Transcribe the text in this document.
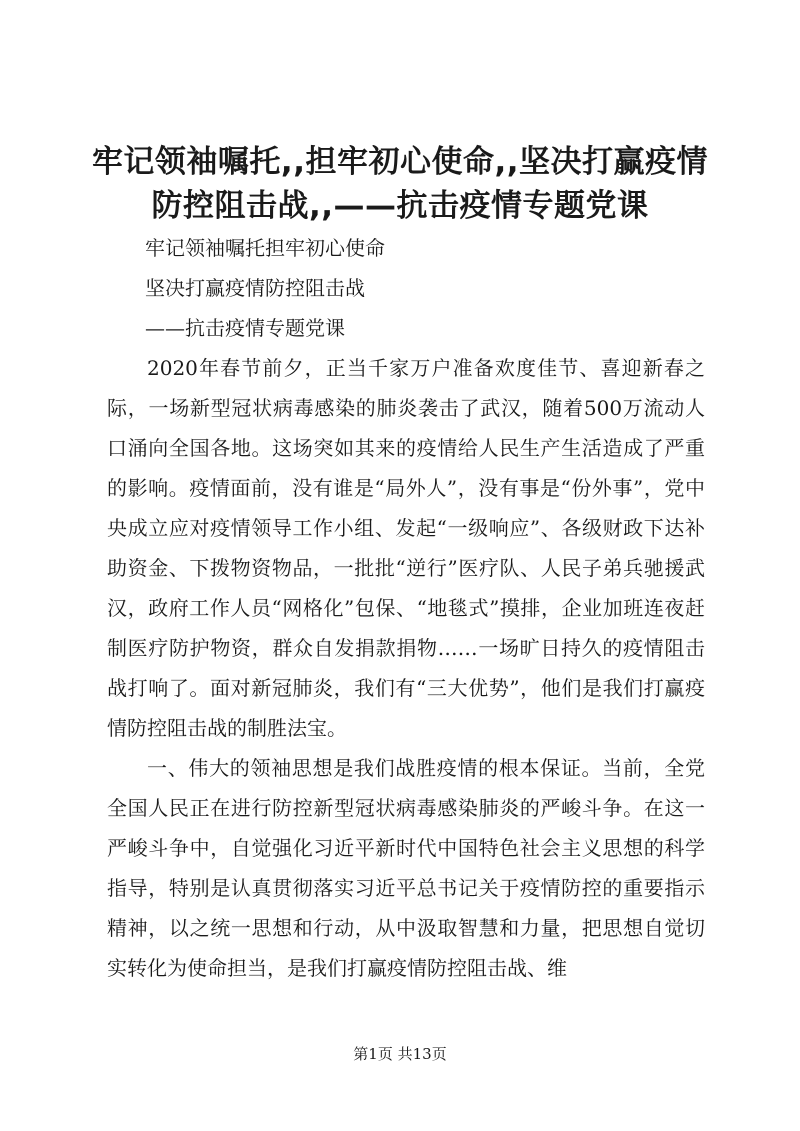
牢记领袖嘱托,,担牢初心使命,,坚决打赢疫情
防控阻击战,,——抗击疫情专题党课

牢记领袖嘱托担牢初心使命

坚决打赢疫情防控阻击战

——抗击疫情专题党课

2020年春节前夕，正当千家万户准备欢度佳节、喜迎新春之际，一场新型冠状病毒感染的肺炎袭击了武汉，随着500万流动人口涌向全国各地。这场突如其来的疫情给人民生产生活造成了严重的影响。疫情面前，没有谁是“局外人”，没有事是“份外事”，党中央成立应对疫情领导工作小组、发起“一级响应”、各级财政下达补助资金、下拨物资物品，一批批“逆行”医疗队、人民子弟兵驰援武汉，政府工作人员“网格化”包保、“地毯式”摸排，企业加班连夜赶制医疗防护物资，群众自发捐款捐物……一场旷日持久的疫情阻击战打响了。面对新冠肺炎，我们有“三大优势”，他们是我们打赢疫情防控阻击战的制胜法宝。

一、伟大的领袖思想是我们战胜疫情的根本保证。当前，全党全国人民正在进行防控新型冠状病毒感染肺炎的严峻斗争。在这一严峻斗争中，自觉强化习近平新时代中国特色社会主义思想的科学指导，特别是认真贯彻落实习近平总书记关于疫情防控的重要指示精神，以之统一思想和行动，从中汲取智慧和力量，把思想自觉切实转化为使命担当，是我们打赢疫情防控阻击战、维

第1页 共13页
